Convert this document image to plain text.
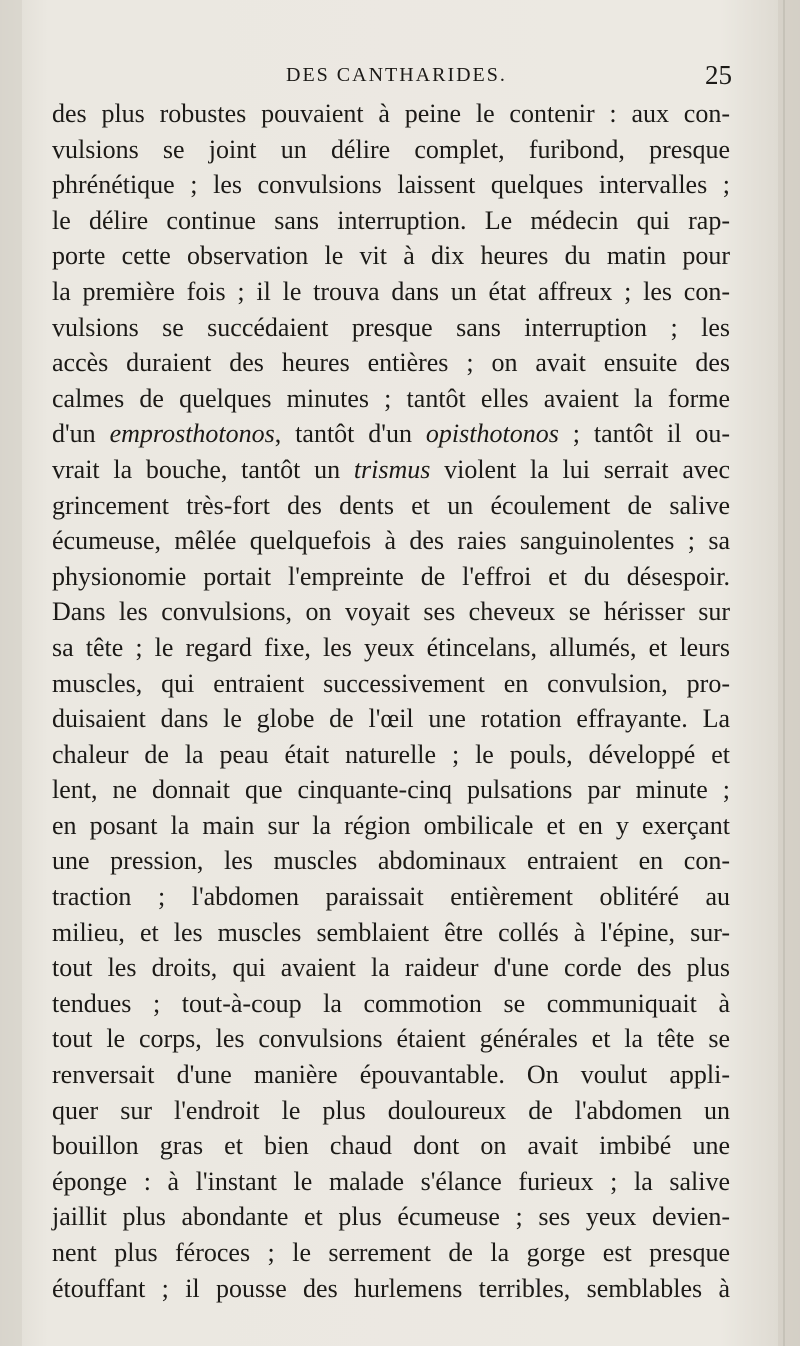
DES CANTHARIDES.	25
des plus robustes pouvaient à peine le contenir : aux con-
vulsions se joint un délire complet, furibond, presque
phrénétique ; les convulsions laissent quelques intervalles ;
le délire continue sans interruption. Le médecin qui rap-
porte cette observation le vit à dix heures du matin pour
la première fois ; il le trouva dans un état affreux ; les con-
vulsions se succédaient presque sans interruption ; les
accès duraient des heures entières ; on avait ensuite des
calmes de quelques minutes ; tantôt elles avaient la forme
d'un emprosthotonos, tantôt d'un opisthotonos ; tantôt il ou-
vrait la bouche, tantôt un trismus violent la lui serrait avec
grincement très-fort des dents et un écoulement de salive
écumeuse, mêlée quelquefois à des raies sanguinolentes ; sa
physionomie portait l'empreinte de l'effroi et du désespoir.
Dans les convulsions, on voyait ses cheveux se hérisser sur
sa tête ; le regard fixe, les yeux étincelans, allumés, et leurs
muscles, qui entraient successivement en convulsion, pro-
duisaient dans le globe de l'œil une rotation effrayante. La
chaleur de la peau était naturelle ; le pouls, développé et
lent, ne donnait que cinquante-cinq pulsations par minute ;
en posant la main sur la région ombilicale et en y exerçant
une pression, les muscles abdominaux entraient en con-
traction ; l'abdomen paraissait entièrement oblitéré au
milieu, et les muscles semblaient être collés à l'épine, sur-
tout les droits, qui avaient la raideur d'une corde des plus
tendues ; tout-à-coup la commotion se communiquait à
tout le corps, les convulsions étaient générales et la tête se
renversait d'une manière épouvantable. On voulut appli-
quer sur l'endroit le plus douloureux de l'abdomen un
bouillon gras et bien chaud dont on avait imbibé une
éponge : à l'instant le malade s'élance furieux ; la salive
jaillit plus abondante et plus écumeuse ; ses yeux devien-
nent plus féroces ; le serrement de la gorge est presque
étouffant ; il pousse des hurlemens terribles, semblables à
